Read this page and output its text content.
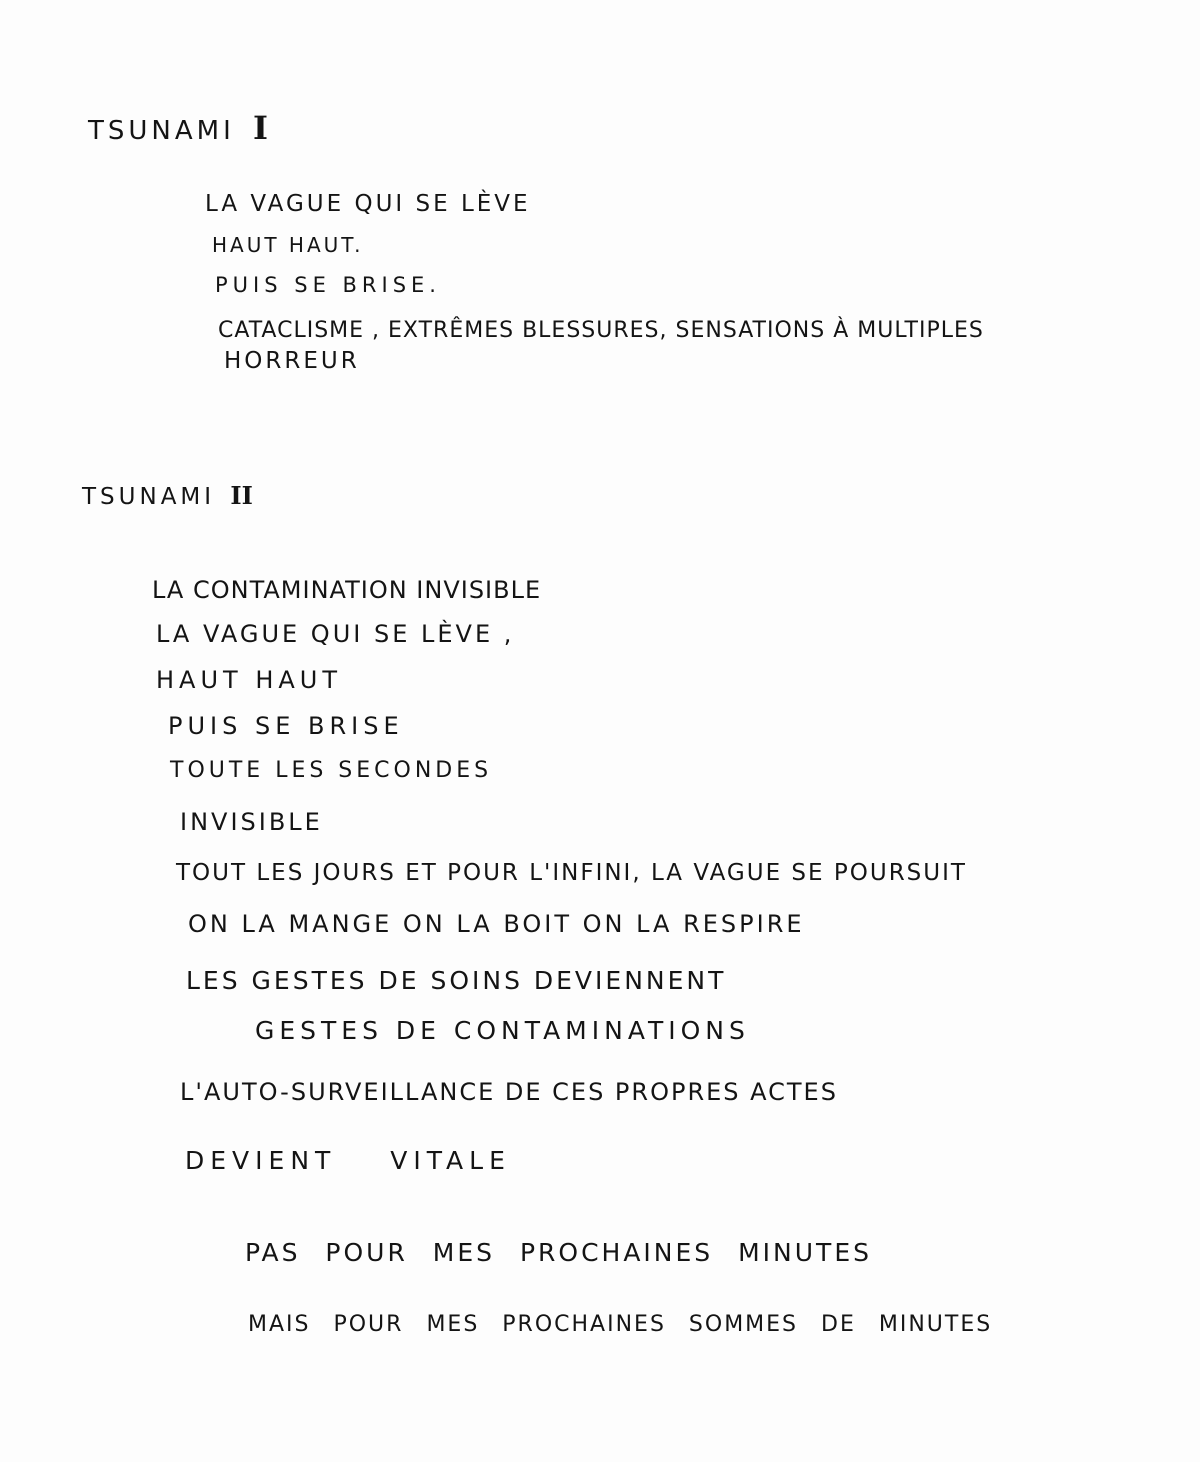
TSUNAMI I
LA VAGUE QUI SE LÈVE
HAUT HAUT.
PUIS SE BRISE.
CATACLISME , EXTRÊMES BLESSURES, SENSATIONS À MULTIPLES
HORREUR
TSUNAMI II
LA CONTAMINATION INVISIBLE
LA VAGUE QUI SE LÈVE ,
HAUT HAUT
PUIS SE BRISE
TOUTE LES SECONDES
INVISIBLE
TOUT LES JOURS ET POUR L'INFINI, LA VAGUE SE POURSUIT
ON LA MANGE ON LA BOIT ON LA RESPIRE
LES GESTES DE SOINS DEVIENNENT
GESTES DE CONTAMINATIONS
L'AUTO-SURVEILLANCE DE CES PROPRES ACTES
DEVIENT VITALE
PAS POUR MES PROCHAINES MINUTES
MAIS POUR MES PROCHAINES SOMMES DE MINUTES
